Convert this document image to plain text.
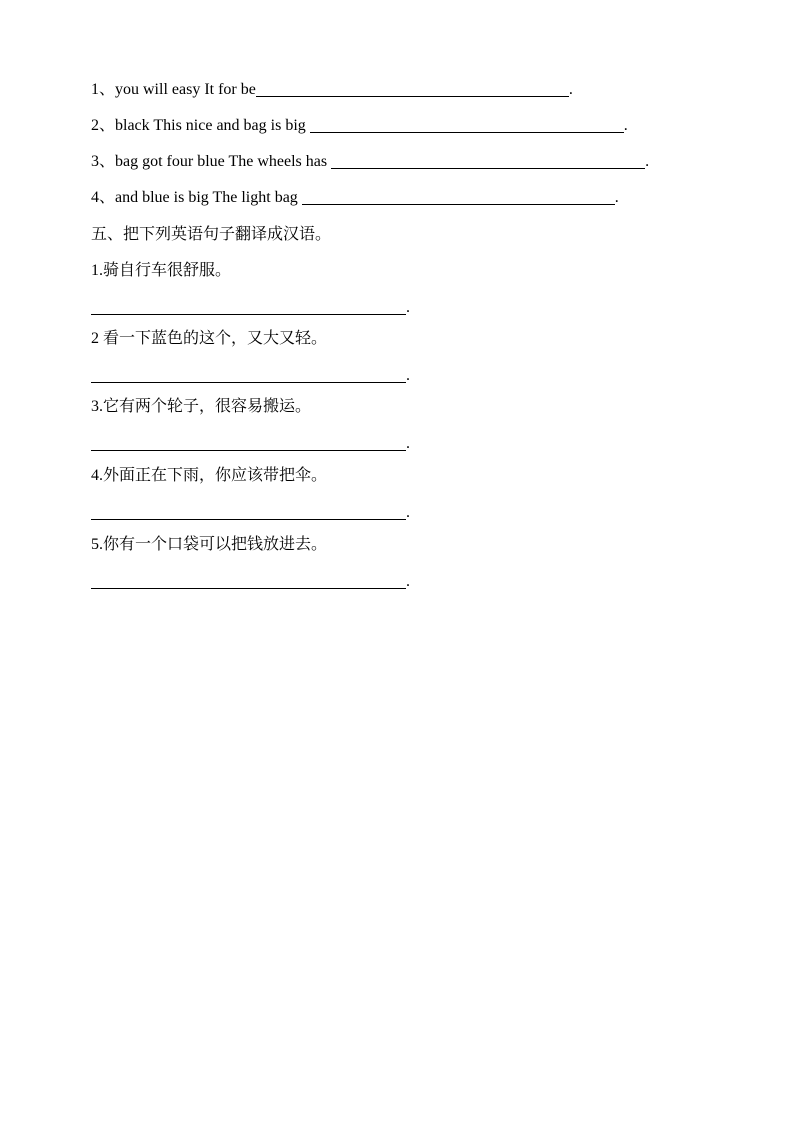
1、you will easy It for be	.
2、black This nice and bag is big	.
3、bag got four blue The wheels has	.
4、and blue is big The light bag	.
五、把下列英语句子翻译成汉语。
1.骑自行车很舒服。
.
2 看一下蓝色的这个，又大又轻。
.
3.它有两个轮子，很容易搬运。
.
4.外面正在下雨，你应该带把伞。
.
5.你有一个口袋可以把钱放进去。
.
